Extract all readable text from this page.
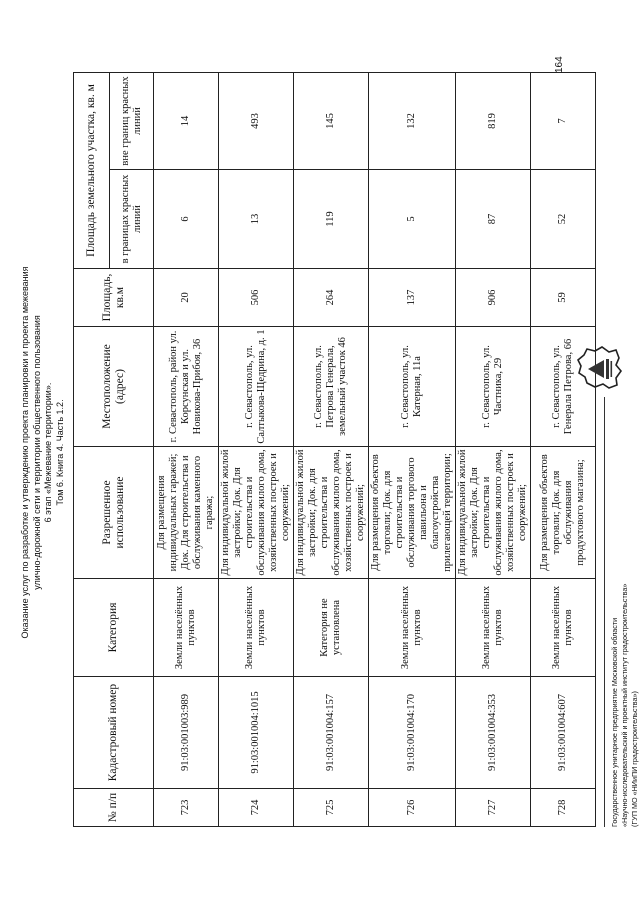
Оказание услуг по разработке и утверждению проекта планировки и проекта межевания улично-дорожной сети и территории общественного пользования 6 этап «Межевание территории». Том 6. Книга 4. Часть 1.2.
№ п/п	Кадастровый номер	Категория	Разрешенное использование	Местоположение (адрес)	Площадь, кв.м	Площадь земельного участка, кв. м	
						в границах красных линий	вне границ красных линий
723	91:03:001003:989	Земли населённых пунктов	Для размещения индивидуальных гаражей; Док. Для строительства и обслуживания каменного гаража;	г. Севастополь, район ул. Корсунская и ул. Новикова-Прибоя, 36	20	6	14
724	91:03:001004:1015	Земли населённых пунктов	Для индивидуальной жилой застройки; Док. Для строительства и обслуживания жилого дома, хозяйственных построек и сооружений;	г. Севастополь, ул. Салтыкова-Щедрина, д. 1	506	13	493
725	91:03:001004:157	Категория не установлена	Для индивидуальной жилой застройки; Док. для строительства и обслуживания жилого дома, хозяйственных построек и сооружений;	г. Севастополь, ул. Петрова Генерала, земельный участок 46	264	119	145
726	91:03:001004:170	Земли населённых пунктов	Для размещения объектов торговли; Док. для строительства и обслуживания торгового павильона и благоустройства прилегающей территории;	г. Севастополь, ул. Катерная, 11а	137	5	132
727	91:03:001004:353	Земли населённых пунктов	Для индивидуальной жилой застройки; Док. Для строительства и обслуживания жилого дома, хозяйственных построек и сооружений;	г. Севастополь, ул. Частника, 29	906	87	819
728	91:03:001004:607	Земли населённых пунктов	Для размещения объектов торговли; Док. для обслуживания продуктового магазина;	г. Севастополь, ул. Генерала Петрова, 66	59	52	7
164
Государственное унитарное предприятие Московской области «Научно-исследовательский и проектный институт градостроительства» (ГУП МО «НИиПИ градостроительства»)
